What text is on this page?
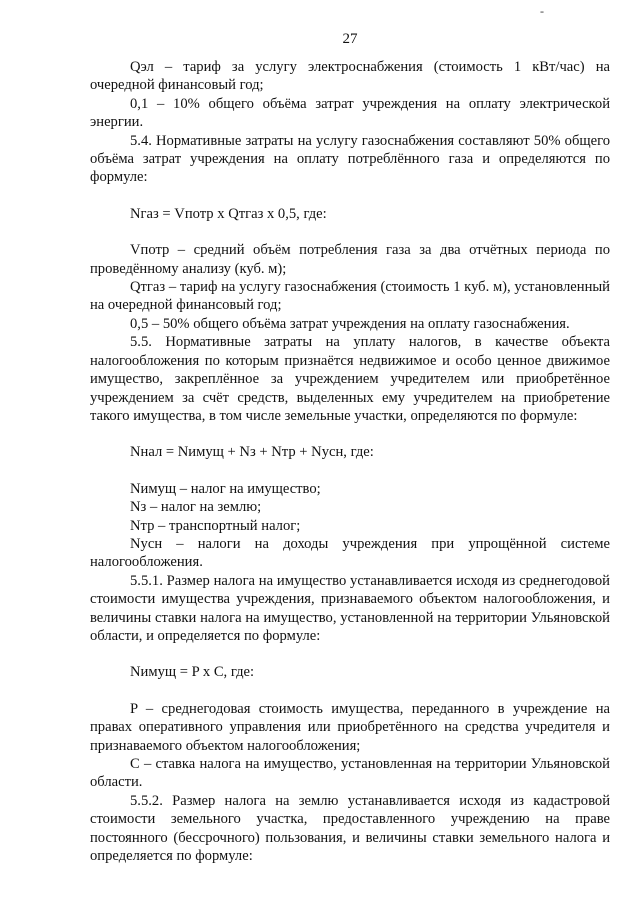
-
27

Qэл – тариф за услугу электроснабжения (стоимость 1 кВт/час) на очередной финансовый год;

0,1 – 10% общего объёма затрат учреждения на оплату электрической энергии.

5.4. Нормативные затраты на услугу газоснабжения составляют 50% общего объёма затрат учреждения на оплату потреблённого газа и определяются по формуле:

Nгаз = Vпотр x Qтгаз x 0,5, где:

Vпотр – средний объём потребления газа за два отчётных периода по проведённому анализу (куб. м);

Qтгаз – тариф на услугу газоснабжения (стоимость 1 куб. м), установленный на очередной финансовый год;

0,5 – 50% общего объёма затрат учреждения на оплату газоснабжения.

5.5. Нормативные затраты на уплату налогов, в качестве объекта налогообложения по которым признаётся недвижимое и особо ценное движимое имущество, закреплённое за учреждением учредителем или приобретённое учреждением за счёт средств, выделенных ему учредителем на приобретение такого имущества, в том числе земельные участки, определяются по формуле:

Nнал = Nимущ + Nз + Nтр + Nусн, где:

Nимущ – налог на имущество;

Nз – налог на землю;

Nтр – транспортный налог;

Nусн – налоги на доходы учреждения при упрощённой системе налогообложения.

5.5.1. Размер налога на имущество устанавливается исходя из среднегодовой стоимости имущества учреждения, признаваемого объектом налогообложения, и величины ставки налога на имущество, установленной на территории Ульяновской области, и определяется по формуле:

Nимущ = P x C, где:

P – среднегодовая стоимость имущества, переданного в учреждение на правах оперативного управления или приобретённого на средства учредителя и признаваемого объектом налогообложения;

C – ставка налога на имущество, установленная на территории Ульяновской области.

5.5.2. Размер налога на землю устанавливается исходя из кадастровой стоимости земельного участка, предоставленного учреждению на праве постоянного (бессрочного) пользования, и величины ставки земельного налога и определяется по формуле:
